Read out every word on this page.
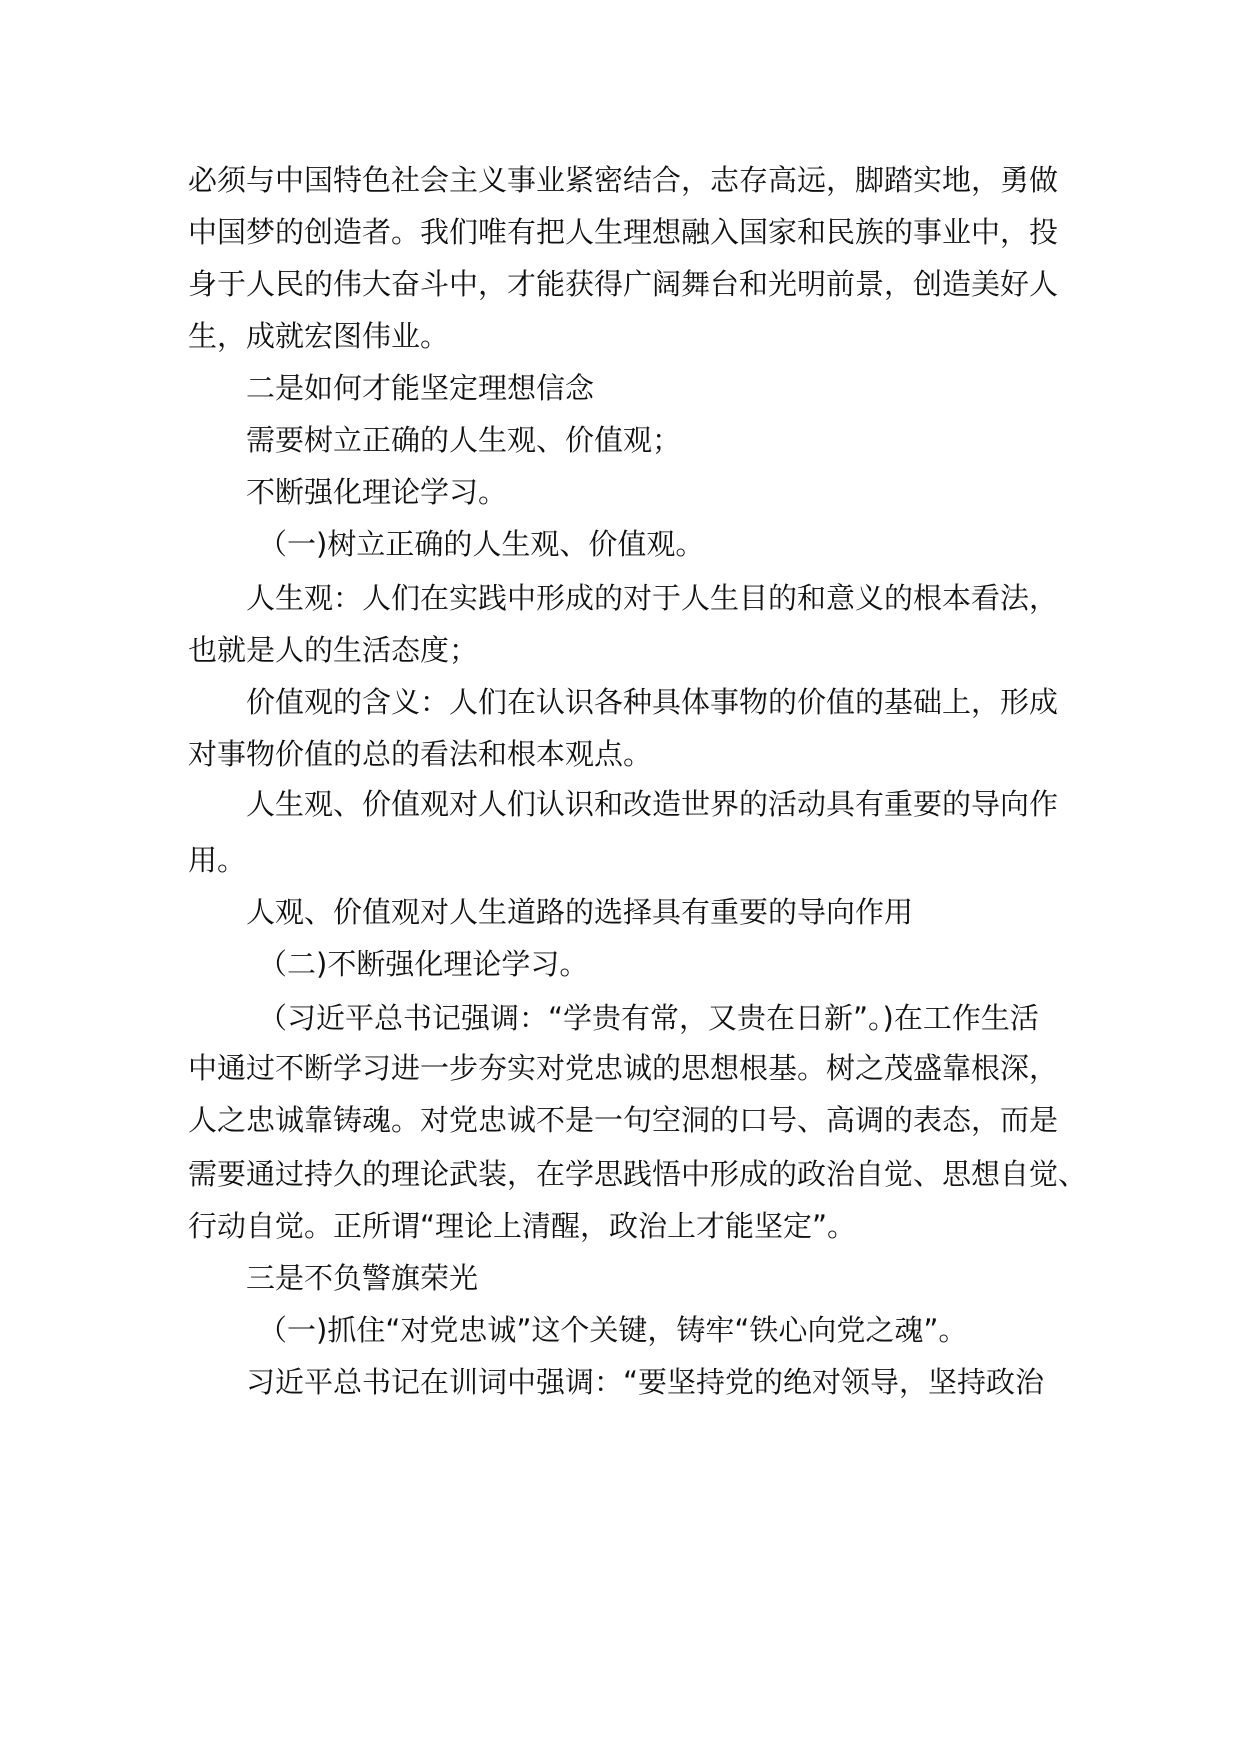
必须与中国特色社会主义事业紧密结合，志存高远，脚踏实地，勇做
中国梦的创造者。我们唯有把人生理想融入国家和民族的事业中，投
身于人民的伟大奋斗中，才能获得广阔舞台和光明前景，创造美好人
生，成就宏图伟业。
二是如何才能坚定理想信念
需要树立正确的人生观、价值观；
不断强化理论学习。
（一)树立正确的人生观、价值观。
人生观：人们在实践中形成的对于人生目的和意义的根本看法，
也就是人的生活态度；
价值观的含义：人们在认识各种具体事物的价值的基础上，形成
对事物价值的总的看法和根本观点。
人生观、价值观对人们认识和改造世界的活动具有重要的导向作
用。
人观、价值观对人生道路的选择具有重要的导向作用
（二)不断强化理论学习。
（习近平总书记强调：“学贵有常，又贵在日新”。)在工作生活
中通过不断学习进一步夯实对党忠诚的思想根基。树之茂盛靠根深，
人之忠诚靠铸魂。对党忠诚不是一句空洞的口号、高调的表态，而是
需要通过持久的理论武装，在学思践悟中形成的政治自觉、思想自觉、
行动自觉。正所谓“理论上清醒，政治上才能坚定”。
三是不负警旗荣光
（一)抓住“对党忠诚”这个关键，铸牢“铁心向党之魂”。
习近平总书记在训词中强调：“要坚持党的绝对领导，坚持政治
